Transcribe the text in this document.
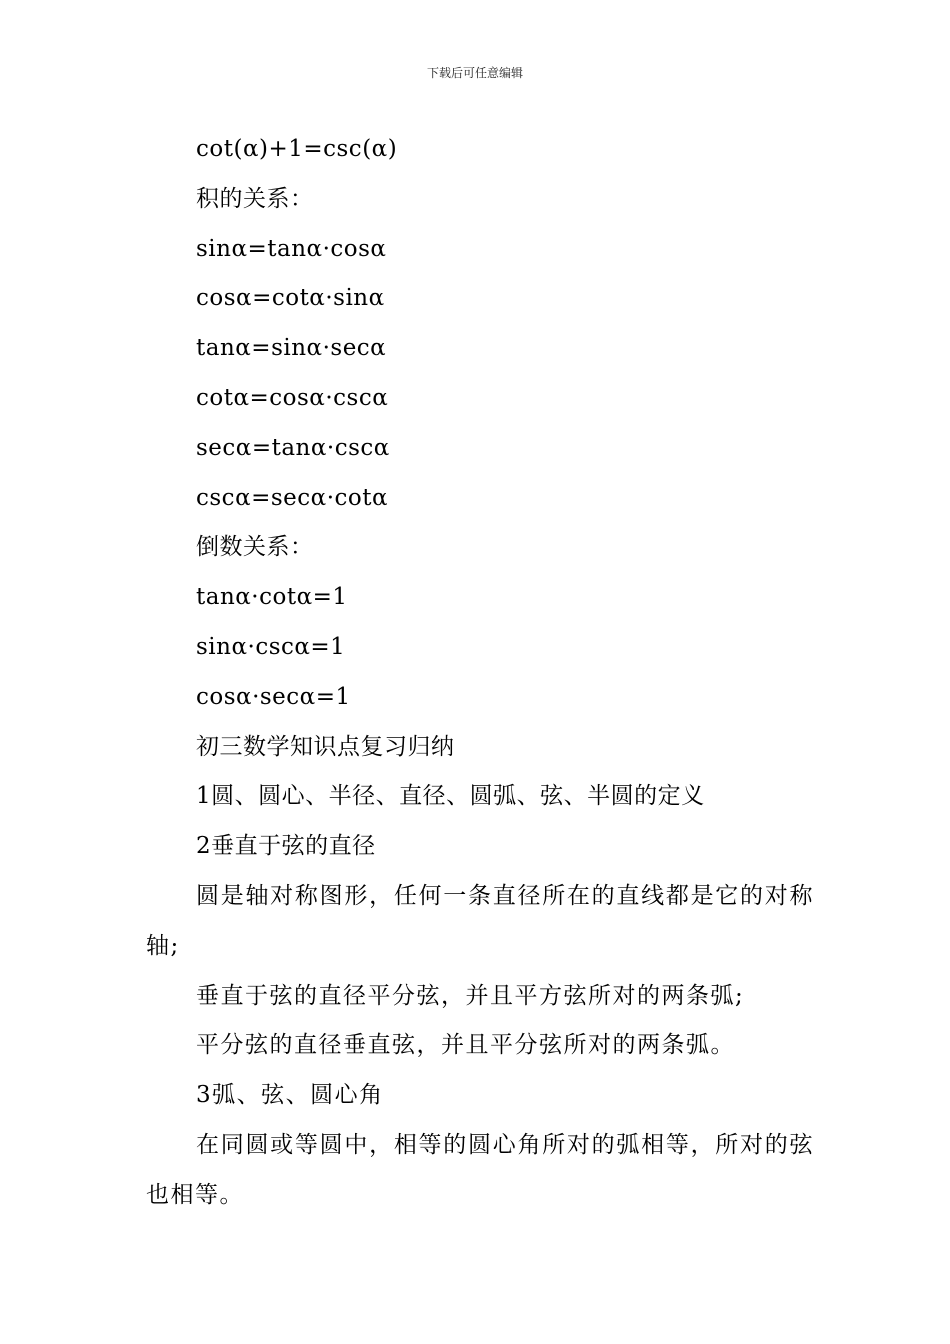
下载后可任意编辑
cot(α)+1=csc(α)
积的关系：
sinα=tanα·cosα
cosα=cotα·sinα
tanα=sinα·secα
cotα=cosα·cscα
secα=tanα·cscα
cscα=secα·cotα
倒数关系：
tanα·cotα=1
sinα·cscα=1
cosα·secα=1
初三数学知识点复习归纳
1圆、圆心、半径、直径、圆弧、弦、半圆的定义
2垂直于弦的直径
圆是轴对称图形，任何一条直径所在的直线都是它的对称轴;
垂直于弦的直径平分弦，并且平方弦所对的两条弧;
平分弦的直径垂直弦，并且平分弦所对的两条弧。
3弧、弦、圆心角
在同圆或等圆中，相等的圆心角所对的弧相等，所对的弦也相等。
